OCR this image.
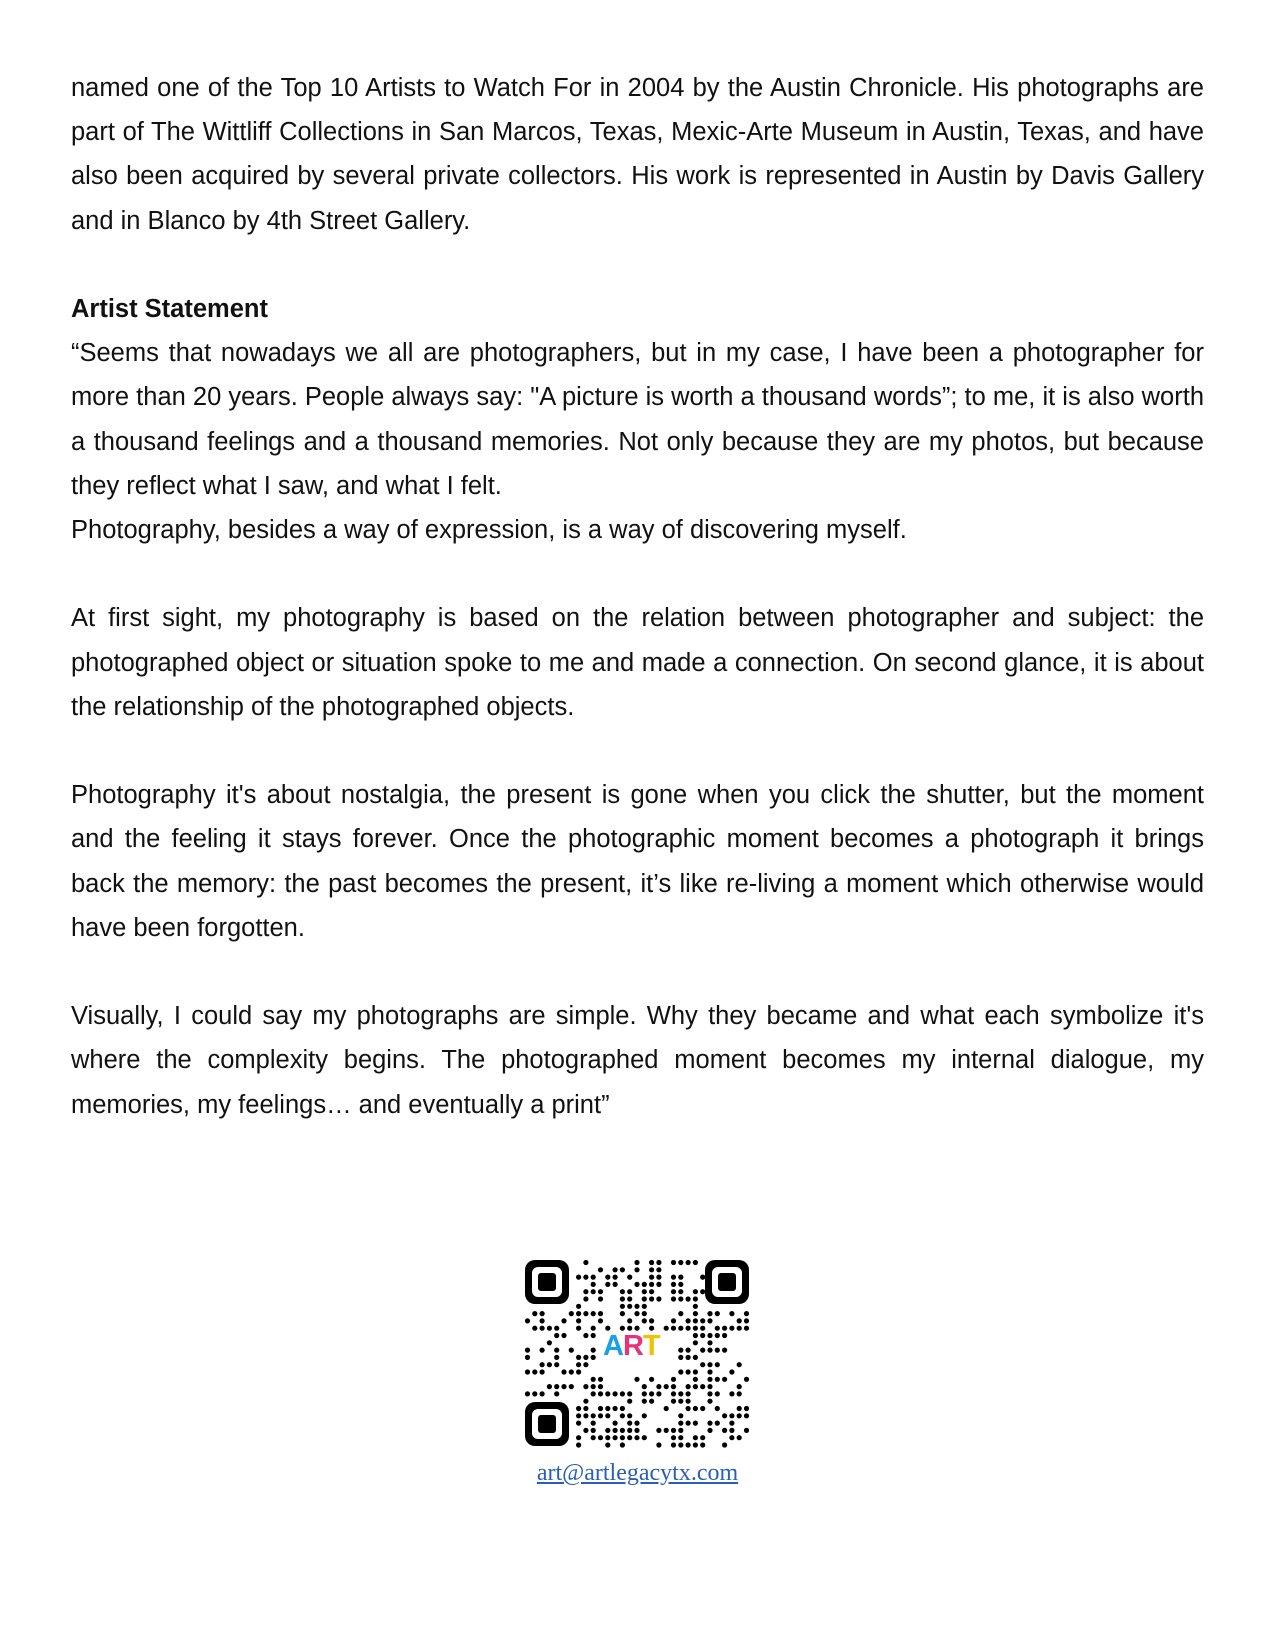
named one of the Top 10 Artists to Watch For in 2004 by the Austin Chronicle. His photographs are part of The Wittliff Collections in San Marcos, Texas, Mexic-Arte Museum in Austin, Texas, and have also been acquired by several private collectors. His work is represented in Austin by Davis Gallery and in Blanco by 4th Street Gallery.

Artist Statement

“Seems that nowadays we all are photographers, but in my case, I have been a photographer for more than 20 years. People always say: "A picture is worth a thousand words”; to me, it is also worth a thousand feelings and a thousand memories. Not only because they are my photos, but because they reflect what I saw, and what I felt.

Photography, besides a way of expression, is a way of discovering myself.

At first sight, my photography is based on the relation between photographer and subject: the photographed object or situation spoke to me and made a connection. On second glance, it is about the relationship of the photographed objects.

Photography it's about nostalgia, the present is gone when you click the shutter, but the moment and the feeling it stays forever. Once the photographic moment becomes a photograph it brings back the memory: the past becomes the present, it’s like re-living a moment which otherwise would have been forgotten.

Visually, I could say my photographs are simple. Why they became and what each symbolize it's where the complexity begins. The photographed moment becomes my internal dialogue, my memories, my feelings… and eventually a print”

ART
art@artlegacytx.com
